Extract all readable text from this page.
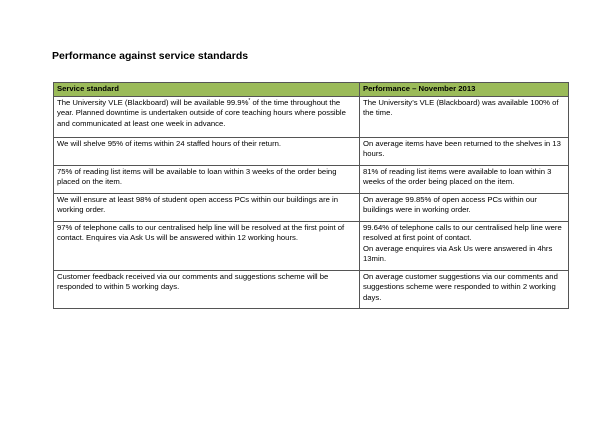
Performance against service standards
Service standard	Performance – November 2013
The University VLE (Blackboard) will be available 99.9%* of the time throughout the year. Planned downtime is undertaken outside of core teaching hours where possible and communicated at least one week in advance.	The University’s VLE (Blackboard) was available 100% of the time.
We will shelve 95% of items within 24 staffed hours of their return.	On average items have been returned to the shelves in 13 hours.
75% of reading list items will be available to loan within 3 weeks of the order being placed on the item.	81% of reading list items were available to loan within 3 weeks of the order being placed on the item.
We will ensure at least 98% of student open access PCs within our buildings are in working order.	On average 99.85% of open access PCs within our buildings were in working order.
97% of telephone calls to our centralised help line will be resolved at the first point of contact. Enquires via Ask Us will be answered within 12 working hours.	99.64% of telephone calls to our centralised help line were resolved at first point of contact.
On average enquires via Ask Us were answered in 4hrs 13min.

Customer feedback received via our comments and suggestions scheme will be responded to within 5 working days.	On average customer suggestions via our comments and suggestions scheme were responded to within 2 working days.
